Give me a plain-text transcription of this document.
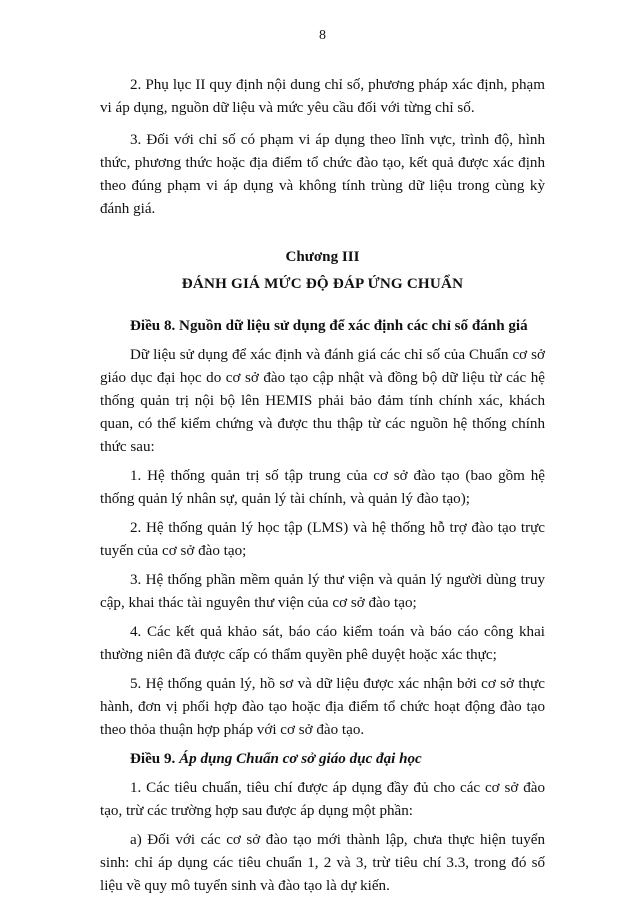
8

2. Phụ lục II quy định nội dung chỉ số, phương pháp xác định, phạm vi áp dụng, nguồn dữ liệu và mức yêu cầu đối với từng chỉ số.

3. Đối với chỉ số có phạm vi áp dụng theo lĩnh vực, trình độ, hình thức, phương thức hoặc địa điểm tổ chức đào tạo, kết quả được xác định theo đúng phạm vi áp dụng và không tính trùng dữ liệu trong cùng kỳ đánh giá.

Chương III

ĐÁNH GIÁ MỨC ĐỘ ĐÁP ỨNG CHUẨN

Điều 8. Nguồn dữ liệu sử dụng để xác định các chỉ số đánh giá

Dữ liệu sử dụng để xác định và đánh giá các chỉ số của Chuẩn cơ sở giáo dục đại học do cơ sở đào tạo cập nhật và đồng bộ dữ liệu từ các hệ thống quản trị nội bộ lên HEMIS phải bảo đảm tính chính xác, khách quan, có thể kiểm chứng và được thu thập từ các nguồn hệ thống chính thức sau:

1. Hệ thống quản trị số tập trung của cơ sở đào tạo (bao gồm hệ thống quản lý nhân sự, quản lý tài chính, và quản lý đào tạo);

2. Hệ thống quản lý học tập (LMS) và hệ thống hỗ trợ đào tạo trực tuyến của cơ sở đào tạo;

3. Hệ thống phần mềm quản lý thư viện và quản lý người dùng truy cập, khai thác tài nguyên thư viện của cơ sở đào tạo;

4. Các kết quả khảo sát, báo cáo kiểm toán và báo cáo công khai thường niên đã được cấp có thẩm quyền phê duyệt hoặc xác thực;

5. Hệ thống quản lý, hồ sơ và dữ liệu được xác nhận bởi cơ sở thực hành, đơn vị phối hợp đào tạo hoặc địa điểm tổ chức hoạt động đào tạo theo thỏa thuận hợp pháp với cơ sở đào tạo.

Điều 9. Áp dụng Chuẩn cơ sở giáo dục đại học

1. Các tiêu chuẩn, tiêu chí được áp dụng đầy đủ cho các cơ sở đào tạo, trừ các trường hợp sau được áp dụng một phần:

a) Đối với các cơ sở đào tạo mới thành lập, chưa thực hiện tuyển sinh: chỉ áp dụng các tiêu chuẩn 1, 2 và 3, trừ tiêu chí 3.3, trong đó số liệu về quy mô tuyển sinh và đào tạo là dự kiến.
